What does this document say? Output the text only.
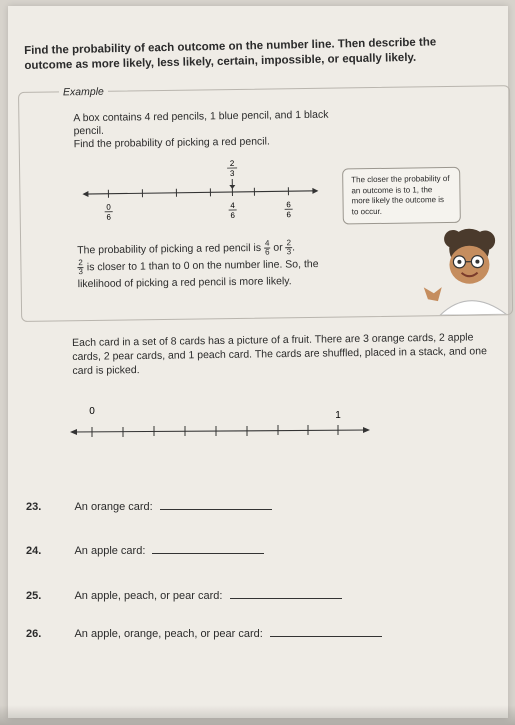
Find the probability of each outcome on the number line. Then describe the outcome as more likely, less likely, certain, impossible, or equally likely.
Example
A box contains 4 red pencils, 1 blue pencil, and 1 black pencil.
Find the probability of picking a red pencil.
2
3
0
6
4
6
6
6
The closer the probability of an outcome is to 1, the more likely the outcome is to occur.
The probability of picking a red pencil is $\frac{4}{6}$ or $\frac{2}{3}$ .
$\frac{2}{3}$ is closer to 1 than to 0 on the number line. So, the
likelihood of picking a red pencil is more likely.
Each card in a set of 8 cards has a picture of a fruit. There are 3 orange cards, 2 apple cards, 2 pear cards, and 1 peach card. The cards are shuffled, placed in a stack, and one card is picked.
0	1
23.	An orange card:
24.	An apple card:
25.	An apple, peach, or pear card:
26.	An apple, orange, peach, or pear card:
